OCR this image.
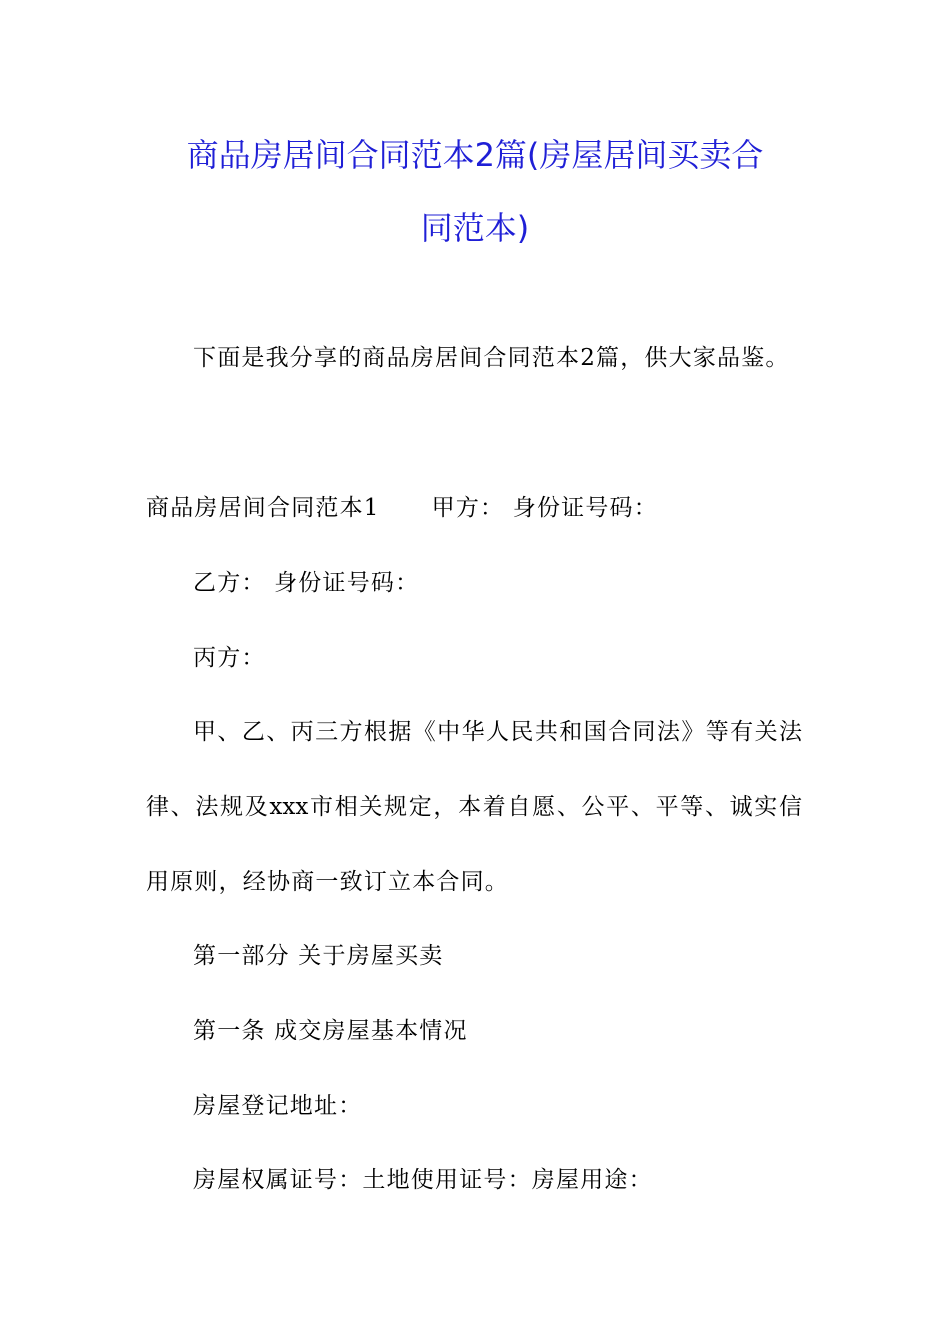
商品房居间合同范本2篇(房屋居间买卖合
同范本)
下面是我分享的商品房居间合同范本2篇，供大家品鉴。
商品房居间合同范本1 甲方： 身份证号码：
乙方： 身份证号码：
丙方：
甲、乙、丙三方根据《中华人民共和国合同法》等有关法
律、法规及xxx市相关规定，本着自愿、公平、平等、诚实信
用原则，经协商一致订立本合同。
第一部分 关于房屋买卖
第一条 成交房屋基本情况
房屋登记地址：
房屋权属证号：土地使用证号：房屋用途：
